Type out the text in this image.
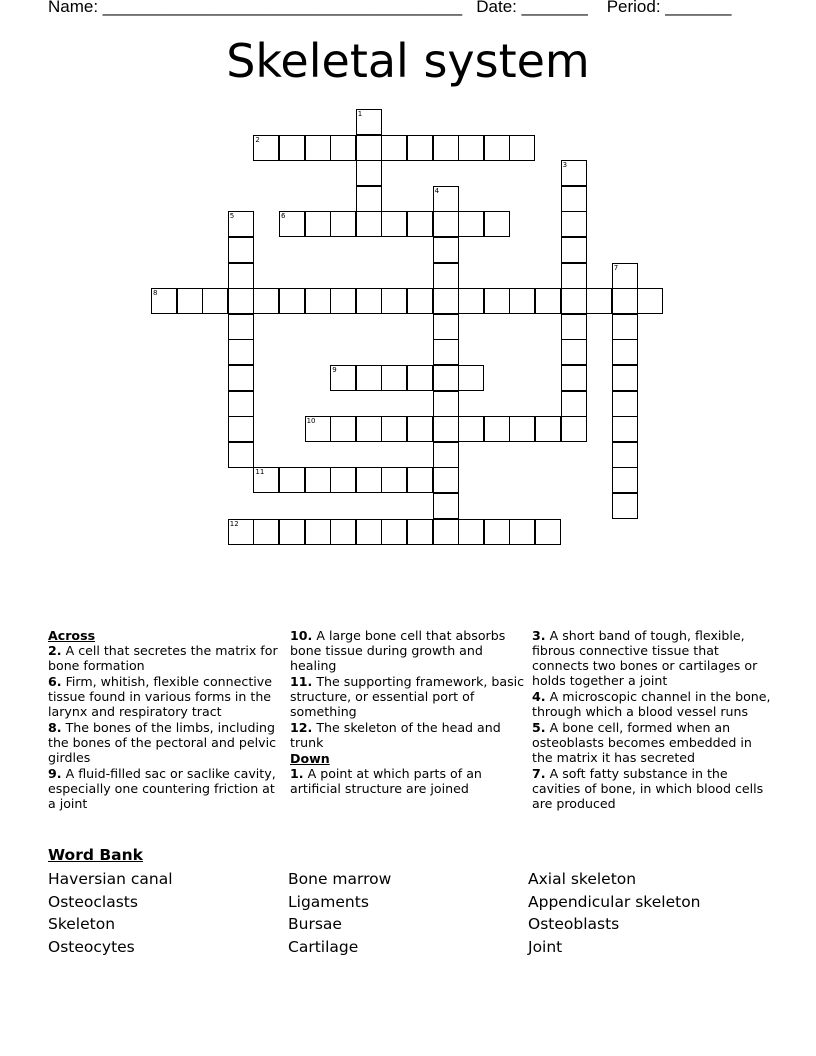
Name: ______________________________________ Date: _______ Period: _______
Skeletal system
1
2
3
4
5	6
7
8
9
10
11
12
Across

2. A cell that secretes the matrix for bone formation

6. Firm, whitish, flexible connective tissue found in various forms in the larynx and respiratory tract

8. The bones of the limbs, including the bones of the pectoral and pelvic girdles

9. A fluid-filled sac or saclike cavity, especially one countering friction at a joint

10. A large bone cell that absorbs bone tissue during growth and healing

11. The supporting framework, basic structure, or essential port of something

12. The skeleton of the head and trunk

Down

1. A point at which parts of an artificial structure are joined

3. A short band of tough, flexible, fibrous connective tissue that connects two bones or cartilages or holds together a joint

4. A microscopic channel in the bone, through which a blood vessel runs

5. A bone cell, formed when an osteoblasts becomes embedded in the matrix it has secreted

7. A soft fatty substance in the cavities of bone, in which blood cells are produced

Word Bank
Haversian canal
Osteoclasts
Skeleton
Osteocytes
Bone marrow
Ligaments
Bursae
Cartilage
Axial skeleton
Appendicular skeleton
Osteoblasts
Joint
